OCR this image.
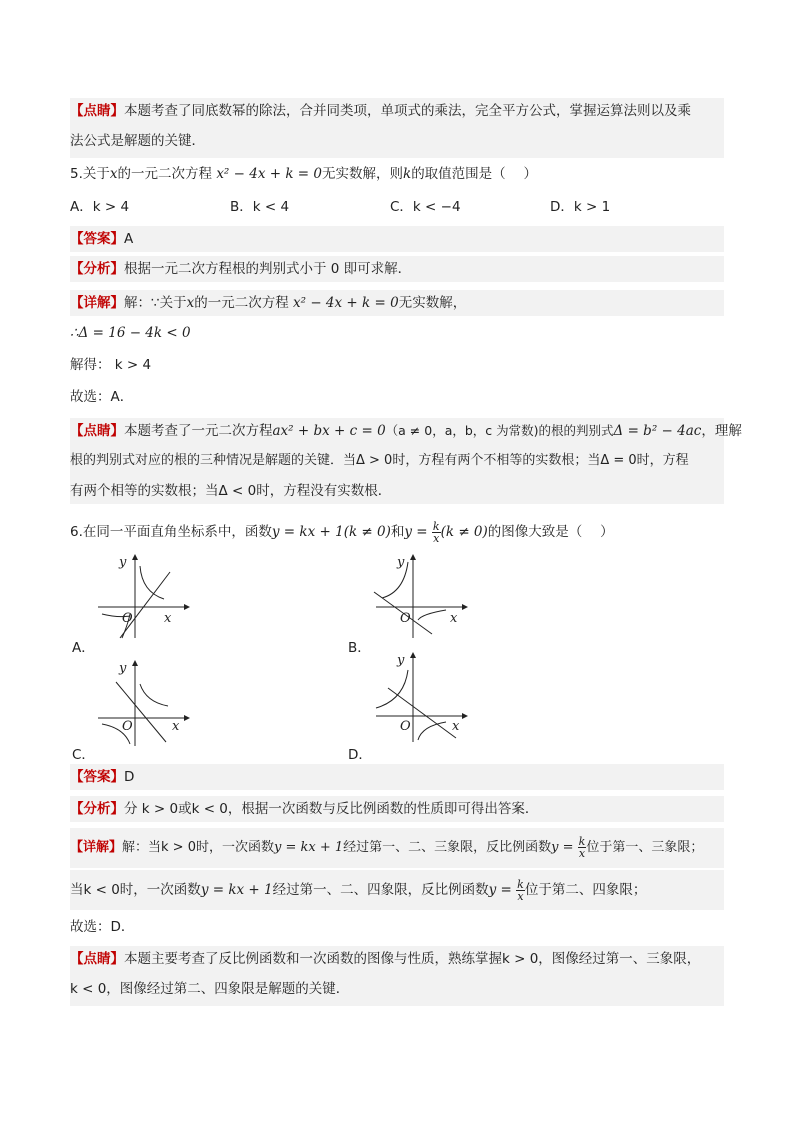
【点睛】本题考查了同底数幂的除法，合并同类项，单项式的乘法，完全平方公式，掌握运算法则以及乘
法公式是解题的关键．
5.关于x的一元二次方程 x² − 4x + k = 0无实数解，则k的取值范围是（　 ）
A．k > 4	B．k < 4	C．k < −4	D．k > 1
【答案】A
【分析】根据一元二次方程根的判别式小于 0 即可求解．
【详解】解：∵关于x的一元二次方程 x² − 4x + k = 0无实数解，
∴Δ = 16 − 4k < 0
解得： k > 4
故选：A．
【点睛】本题考查了一元二次方程ax² + bx + c = 0（a ≠ 0，a，b，c 为常数)的根的判别式Δ = b² − 4ac，理解
根的判别式对应的根的三种情况是解题的关键．当Δ > 0时，方程有两个不相等的实数根；当Δ = 0时，方程
有两个相等的实数根；当Δ < 0时，方程没有实数根．
6.在同一平面直角坐标系中，函数y = kx + 1(k ≠ 0)和$y = \frac{k}{x} (k \ne 0)$的图像大致是（　 ）
y
x
O
A．
y
x
O
B．
y
x
O
C．
y
x
O
D．
【答案】D
【分析】分 k > 0或k < 0，根据一次函数与反比例函数的性质即可得出答案．
【详解】解：当k > 0时，一次函数y = kx + 1经过第一、二、三象限，反比例函数$y = \frac{k}{x}$ 位于第一、三象限；
当k < 0时，一次函数y = kx + 1经过第一、二、四象限，反比例函数$y = \frac{k}{x}$ 位于第二、四象限；
故选：D．
【点睛】本题主要考查了反比例函数和一次函数的图像与性质，熟练掌握k > 0，图像经过第一、三象限，
k < 0，图像经过第二、四象限是解题的关键．
